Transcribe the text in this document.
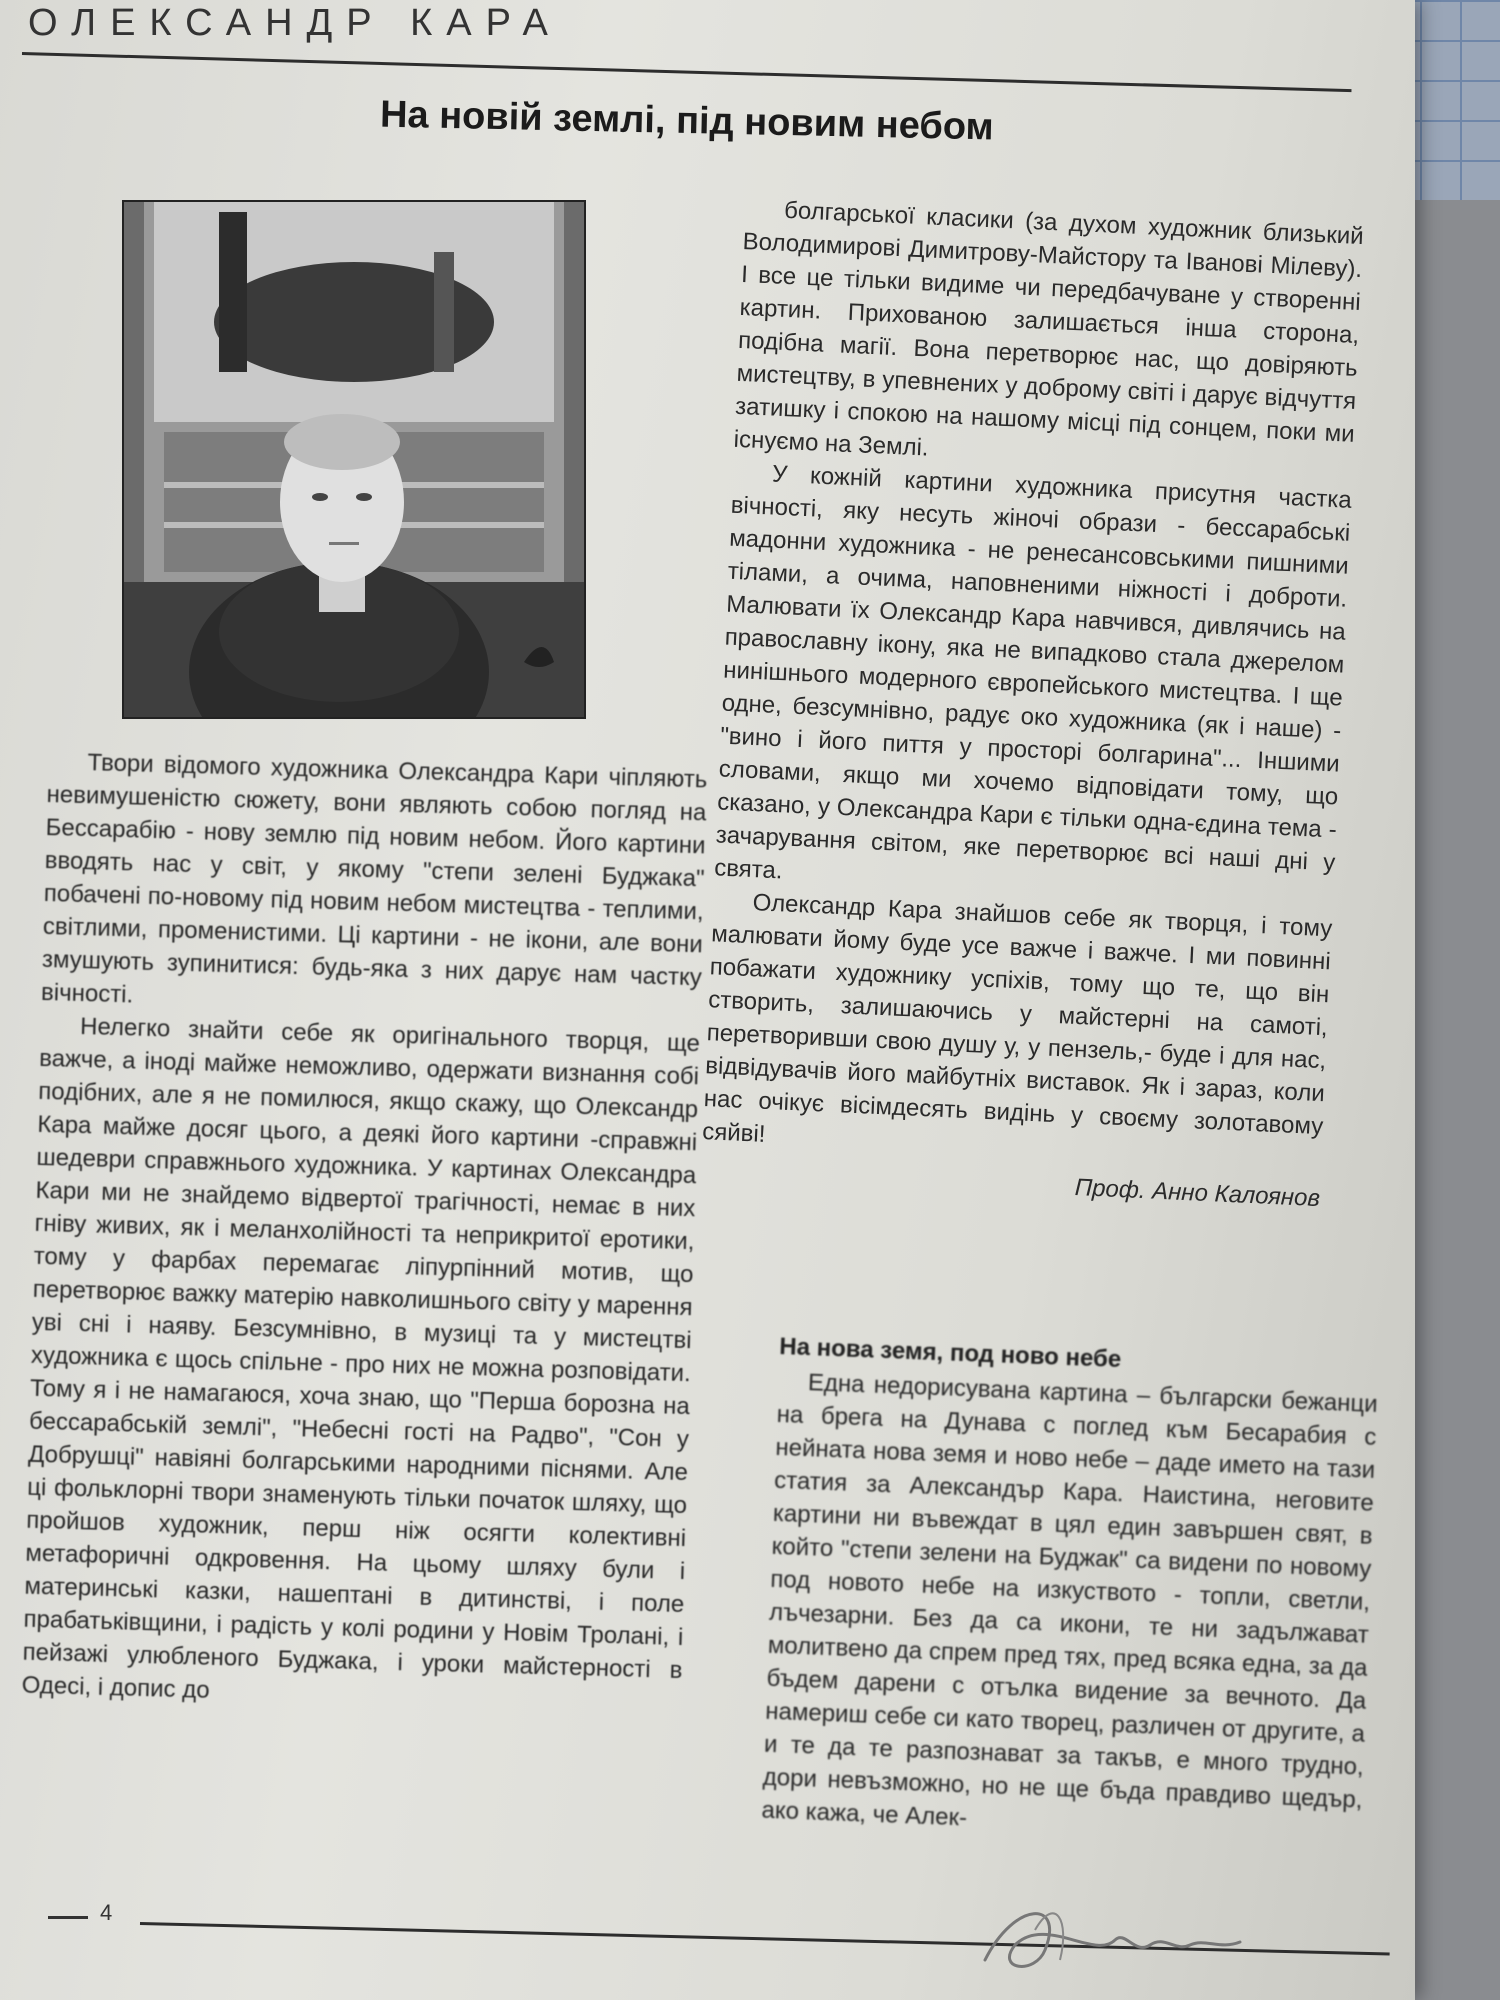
ОЛЕКСАНДР КАРА
На новій землі, під новим небом

Твори відомого художника Олександра Кари чіпляють невимушеністю сюжету, вони являють собою погляд на Бессарабію - нову землю під новим небом. Його картини вводять нас у світ, у якому "степи зелені Буджака" побачені по-новому під новим небом мистецтва - теплими, світлими, променистими. Ці картини - не ікони, але вони змушують зупинитися: будь-яка з них дарує нам частку вічності.

Нелегко знайти себе як оригінального творця, ще важче, а іноді майже неможливо, одержати визнання собі подібних, але я не помилюся, якщо скажу, що Олександр Кара майже досяг цього, а деякі його картини -справжні шедеври справжнього художника. У картинах Олександра Кари ми не знайдемо відвертої трагічності, немає в них гніву живих, як і меланхолійності та неприкритої еротики, тому у фарбах перемагає ліпурпінний мотив, що перетворює важку матерію навколишнього світу у марення уві сні і наяву. Безсумнівно, в музиці та у мистецтві художника є щось спільне - про них не можна розповідати. Тому я і не намагаюся, хоча знаю, що "Перша борозна на бессарабській землі", "Небесні гості на Радво", "Сон у Добрушці" навіяні болгарськими народними піснями. Але ці фольклорні твори знаменують тільки початок шляху, що пройшов художник, перш ніж осягти колективні метафоричні одкровення. На цьому шляху були і материнські казки, нашептані в дитинстві, і поле прабатьківщини, і радість у колі родини у Новім Тролані, і пейзажі улюбленого Буджака, і уроки майстерності в Одесі, і допис до

болгарської класики (за духом художник близький Володимирові Димитрову-Майстору та Іванові Мілеву). І все це тільки видиме чи передбачуване у створенні картин. Прихованою залишається інша сторона, подібна магії. Вона перетворює нас, що довіряють мистецтву, в упевнених у доброму світі і дарує відчуття затишку і спокою на нашому місці під сонцем, поки ми існуємо на Землі.

У кожній картини художника присутня частка вічності, яку несуть жіночі образи - бессарабські мадонни художника - не ренесансовськими пишними тілами, а очима, наповненими ніжності і доброти. Малювати їх Олександр Кара навчився, дивлячись на православну ікону, яка не випадково стала джерелом нинішнього модерного європейського мистецтва. І ще одне, безсумнівно, радує око художника (як і наше) - "вино і його пиття у просторі болгарина"... Іншими словами, якщо ми хочемо відповідати тому, що сказано, у Олександра Кари є тільки одна-єдина тема - зачарування світом, яке перетворює всі наші дні у свята.

Олександр Кара знайшов себе як творця, і тому малювати йому буде усе важче і важче. І ми повинні побажати художнику успіхів, тому що те, що він створить, залишаючись у майстерні на самоті, перетворивши свою душу у, у пензель,- буде і для нас, відвідувачів його майбутніх виставок. Як і зараз, коли нас очікує вісімдесять видінь у своєму золотавому сяйві!

Проф. Анно Калоянов
На нова земя, под ново небе

Една недорисувана картина – български бежанци на брега на Дунава с поглед към Бесарабия с нейната нова земя и ново небе – даде името на тази статия за Александър Кара. Наистина, неговите картини ни въвеждат в цял един завършен свят, в който "степи зелени на Буджак" са видени по новому под новото небе на изкуството - топли, светли, лъчезарни. Без да са икони, те ни задължават молитвено да спрем пред тях, пред всяка една, за да бъдем дарени с отълка видение за вечното. Да намериш себе си като творец, различен от другите, а и те да те разпознават за такъв, е много трудно, дори невъзможно, но не ще бъда правдиво щедър, ако кажа, че Алек-

4
